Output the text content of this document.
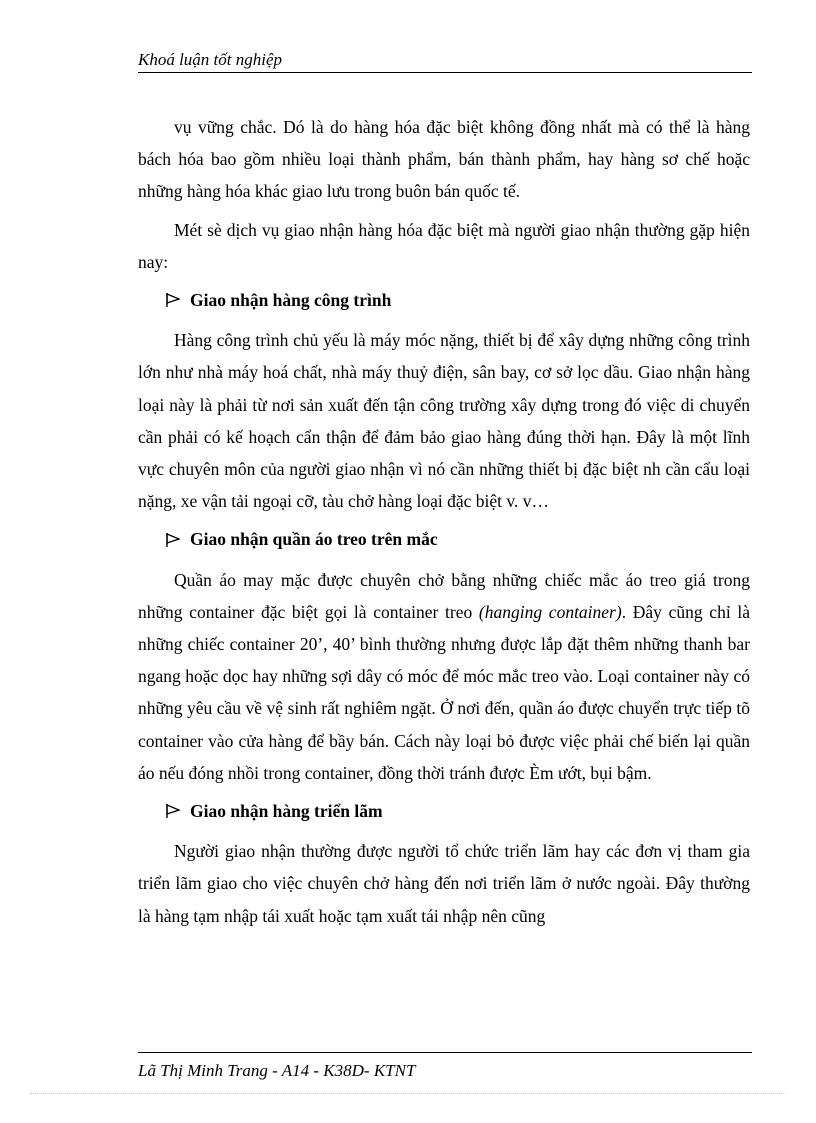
Khoá luận tốt nghiệp

vụ vững chắc. Dó là do hàng hóa đặc biệt không đồng nhất mà có thể là hàng bách hóa bao gồm nhiều loại thành phẩm, bán thành phẩm, hay hàng sơ chế hoặc những hàng hóa khác giao lưu trong buôn bán quốc tế.

Mét sè dịch vụ giao nhận hàng hóa đặc biệt mà người giao nhận thường gặp hiện nay:

Giao nhận hàng công trình

Hàng công trình chủ yếu là máy móc nặng, thiết bị để xây dựng những công trình lớn như nhà máy hoá chất, nhà máy thuỷ điện, sân bay, cơ sở lọc dầu. Giao nhận hàng loại này là phải từ nơi sản xuất đến tận công trường xây dựng trong đó việc di chuyển cần phải có kế hoạch cẩn thận để đảm bảo giao hàng đúng thời hạn. Đây là một lĩnh vực chuyên môn của người giao nhận vì nó cần những thiết bị đặc biệt nh cần cẩu loại nặng, xe vận tải ngoại cỡ, tàu chở hàng loại đặc biệt v. v…

Giao nhận quần áo treo trên mắc

Quần áo may mặc được chuyên chở bằng những chiếc mắc áo treo giá trong những container đặc biệt gọi là container treo (hanging container). Đây cũng chỉ là những chiếc container 20’, 40’ bình thường nhưng được lắp đặt thêm những thanh bar ngang hoặc dọc hay những sợi dây có móc để móc mắc treo vào. Loại container này có những yêu cầu về vệ sinh rất nghiêm ngặt. Ở nơi đến, quần áo được chuyển trực tiếp tõ container vào cửa hàng để bầy bán. Cách này loại bỏ được việc phải chế biến lại quần áo nếu đóng nhồi trong container, đồng thời tránh được Èm ướt, bụi bậm.

Giao nhận hàng triển lãm

Người giao nhận thường được người tổ chức triển lãm hay các đơn vị tham gia triển lãm giao cho việc chuyên chở hàng đến nơi triển lãm ở nước ngoài. Đây thường là hàng tạm nhập tái xuất hoặc tạm xuất tái nhập nên cũng

Lã Thị Minh Trang - A14 - K38D- KTNT
